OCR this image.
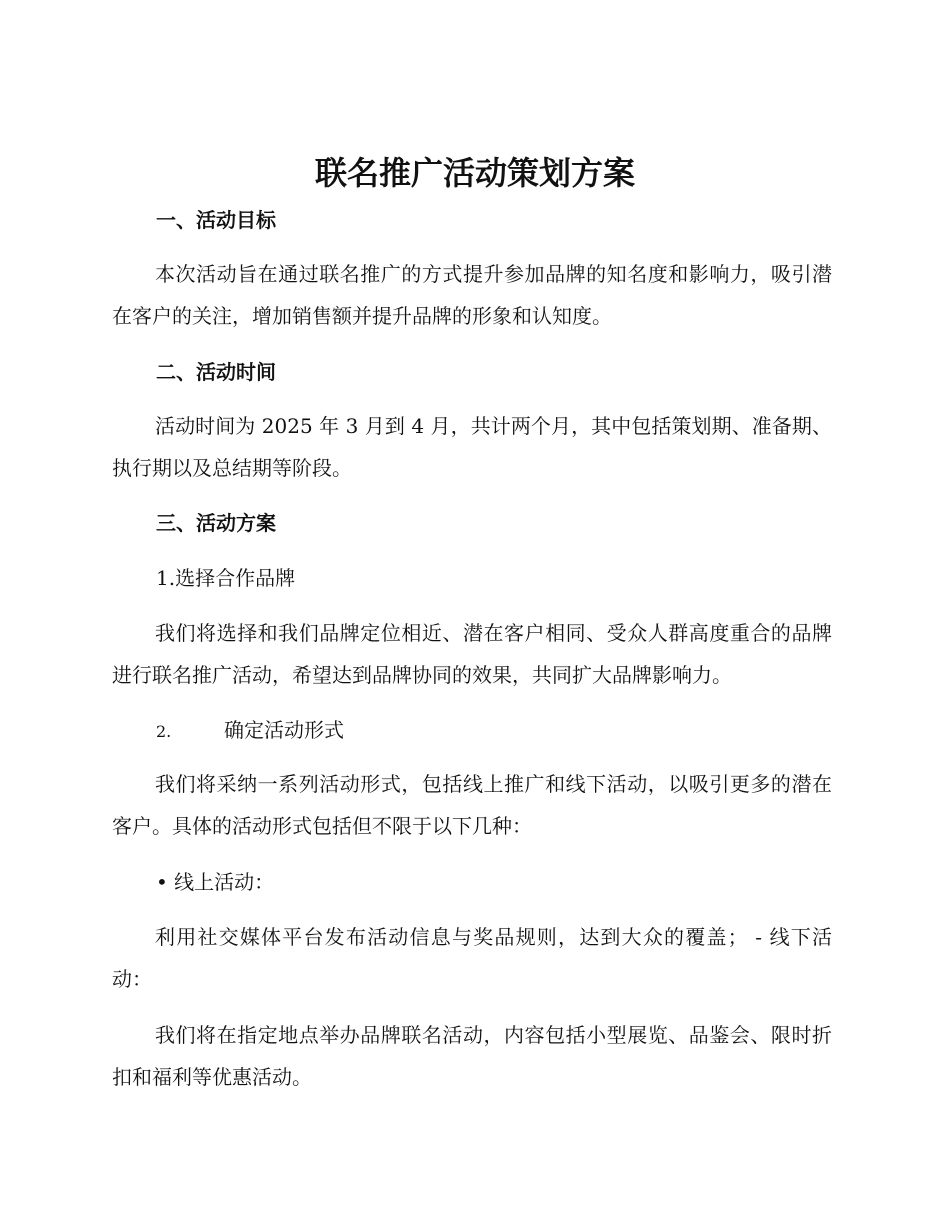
联名推广活动策划方案
一、活动目标
本次活动旨在通过联名推广的方式提升参加品牌的知名度和影响力，吸引潜在客户的关注，增加销售额并提升品牌的形象和认知度。
二、活动时间
活动时间为 2025 年 3 月到 4 月，共计两个月，其中包括策划期、准备期、执行期以及总结期等阶段。
三、活动方案
1.选择合作品牌
我们将选择和我们品牌定位相近、潜在客户相同、受众人群高度重合的品牌进行联名推广活动，希望达到品牌协同的效果，共同扩大品牌影响力。
2.	确定活动形式
我们将采纳一系列活动形式，包括线上推广和线下活动，以吸引更多的潜在客户。具体的活动形式包括但不限于以下几种：
• 线上活动：
利用社交媒体平台发布活动信息与奖品规则，达到大众的覆盖； - 线下活动：
我们将在指定地点举办品牌联名活动，内容包括小型展览、品鉴会、限时折扣和福利等优惠活动。
